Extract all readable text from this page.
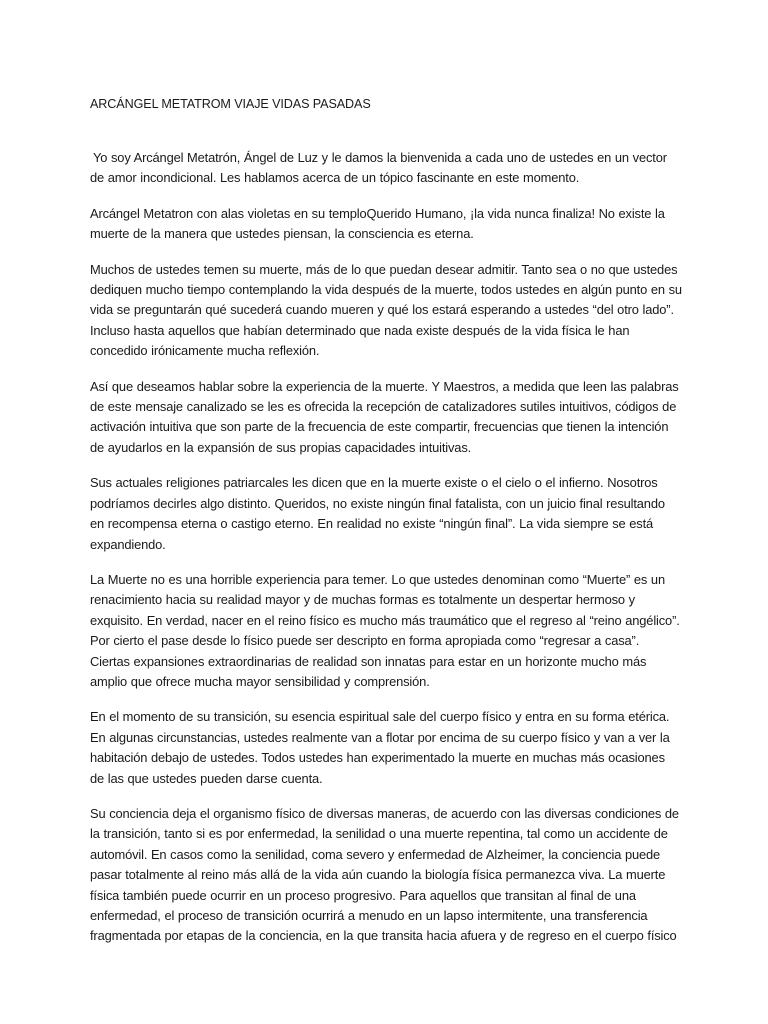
ARCÁNGEL METATROM VIAJE VIDAS PASADAS

Yo soy Arcángel Metatrón, Ángel de Luz y le damos la bienvenida a cada uno de ustedes en un vector de amor incondicional. Les hablamos acerca de un tópico fascinante en este momento.

Arcángel Metatron con alas violetas en su temploQuerido Humano, ¡la vida nunca finaliza! No existe la muerte de la manera que ustedes piensan, la consciencia es eterna.

Muchos de ustedes temen su muerte, más de lo que puedan desear admitir. Tanto sea o no que ustedes dediquen mucho tiempo contemplando la vida después de la muerte, todos ustedes en algún punto en su vida se preguntarán qué sucederá cuando mueren y qué los estará esperando a ustedes “del otro lado”. Incluso hasta aquellos que habían determinado que nada existe después de la vida física le han concedido irónicamente mucha reflexión.

Así que deseamos hablar sobre la experiencia de la muerte. Y Maestros, a medida que leen las palabras de este mensaje canalizado se les es ofrecida la recepción de catalizadores sutiles intuitivos, códigos de activación intuitiva que son parte de la frecuencia de este compartir, frecuencias que tienen la intención de ayudarlos en la expansión de sus propias capacidades intuitivas.

Sus actuales religiones patriarcales les dicen que en la muerte existe o el cielo o el infierno. Nosotros podríamos decirles algo distinto. Queridos, no existe ningún final fatalista, con un juicio final resultando en recompensa eterna o castigo eterno. En realidad no existe “ningún final”. La vida siempre se está expandiendo.

La Muerte no es una horrible experiencia para temer. Lo que ustedes denominan como “Muerte” es un renacimiento hacia su realidad mayor y de muchas formas es totalmente un despertar hermoso y exquisito. En verdad, nacer en el reino físico es mucho más traumático que el regreso al “reino angélico”. Por cierto el pase desde lo físico puede ser descripto en forma apropiada como “regresar a casa”. Ciertas expansiones extraordinarias de realidad son innatas para estar en un horizonte mucho más amplio que ofrece mucha mayor sensibilidad y comprensión.

En el momento de su transición, su esencia espiritual sale del cuerpo físico y entra en su forma etérica. En algunas circunstancias, ustedes realmente van a flotar por encima de su cuerpo físico y van a ver la habitación debajo de ustedes. Todos ustedes han experimentado la muerte en muchas más ocasiones de las que ustedes pueden darse cuenta.

Su conciencia deja el organismo físico de diversas maneras, de acuerdo con las diversas condiciones de la transición, tanto si es por enfermedad, la senilidad o una muerte repentina, tal como un accidente de automóvil. En casos como la senilidad, coma severo y enfermedad de Alzheimer, la conciencia puede pasar totalmente al reino más allá de la vida aún cuando la biología física permanezca viva. La muerte física también puede ocurrir en un proceso progresivo. Para aquellos que transitan al final de una enfermedad, el proceso de transición ocurrirá a menudo en un lapso intermitente, una transferencia fragmentada por etapas de la conciencia, en la que transita hacia afuera y de regreso en el cuerpo físico
